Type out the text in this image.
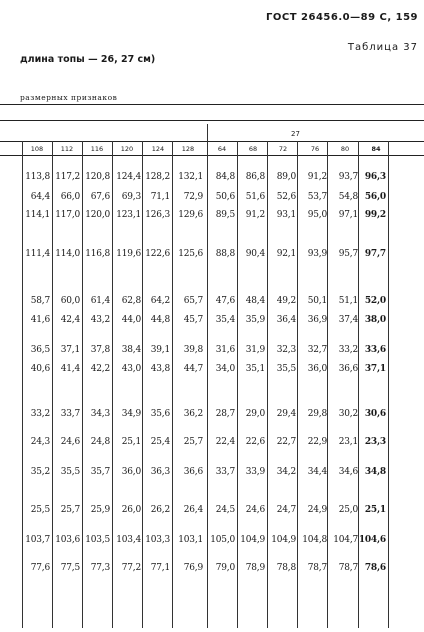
ГОСТ 26456.0—89 С, 159
Таблица 37
длина топы — 26, 27 см)
размерных признаков
27
108	112	116	120	124	128	64	68	72	76	80	84
113,8 117,2 120,8 124,4 128,2 132,1	84,8	86,8	89,0	91,2	93,7 96,3
64,4	66,0	67,6	69,3	71,1	72,9	50,6	51,6	52,6	53,7	54,8 56,0
114,1 117,0 120,0 123,1 126,3 129,6	89,5	91,2	93,1	95,0	97,1 99,2
111,4 114,0 116,8 119,6 122,6 125,6	88,8	90,4	92,1	93,9	95,7 97,7
58,7	60,0	61,4	62,8	64,2	65,7	47,6	48,4	49,2	50,1	51,1 52,0
41,6	42,4	43,2	44,0	44,8	45,7	35,4	35,9	36,4	36,9	37,4 38,0
36,5	37,1	37,8	38,4	39,1	39,8	31,6	31,9	32,3	32,7	33,2 33,6
40,6	41,4	42,2	43,0	43,8	44,7	34,0	35,1	35,5	36,0	36,6 37,1
33,2	33,7	34,3	34,9	35,6	36,2	28,7	29,0	29,4	29,8	30,2 30,6
24,3	24,6	24,8	25,1	25,4	25,7	22,4	22,6	22,7	22,9	23,1 23,3
35,2	35,5	35,7	36,0	36,3	36,6	33,7	33,9	34,2	34,4	34,6 34,8
25,5	25,7	25,9	26,0	26,2	26,4	24,5	24,6	24,7	24,9	25,0 25,1
103,7 103,6 103,5 103,4 103,3 103,1 105,0 104,9 104,9 104,8 104,7 104,6
77,6	77,5	77,3	77,2	77,1	76,9	79,0	78,9	78,8	78,7	78,7 78,6
